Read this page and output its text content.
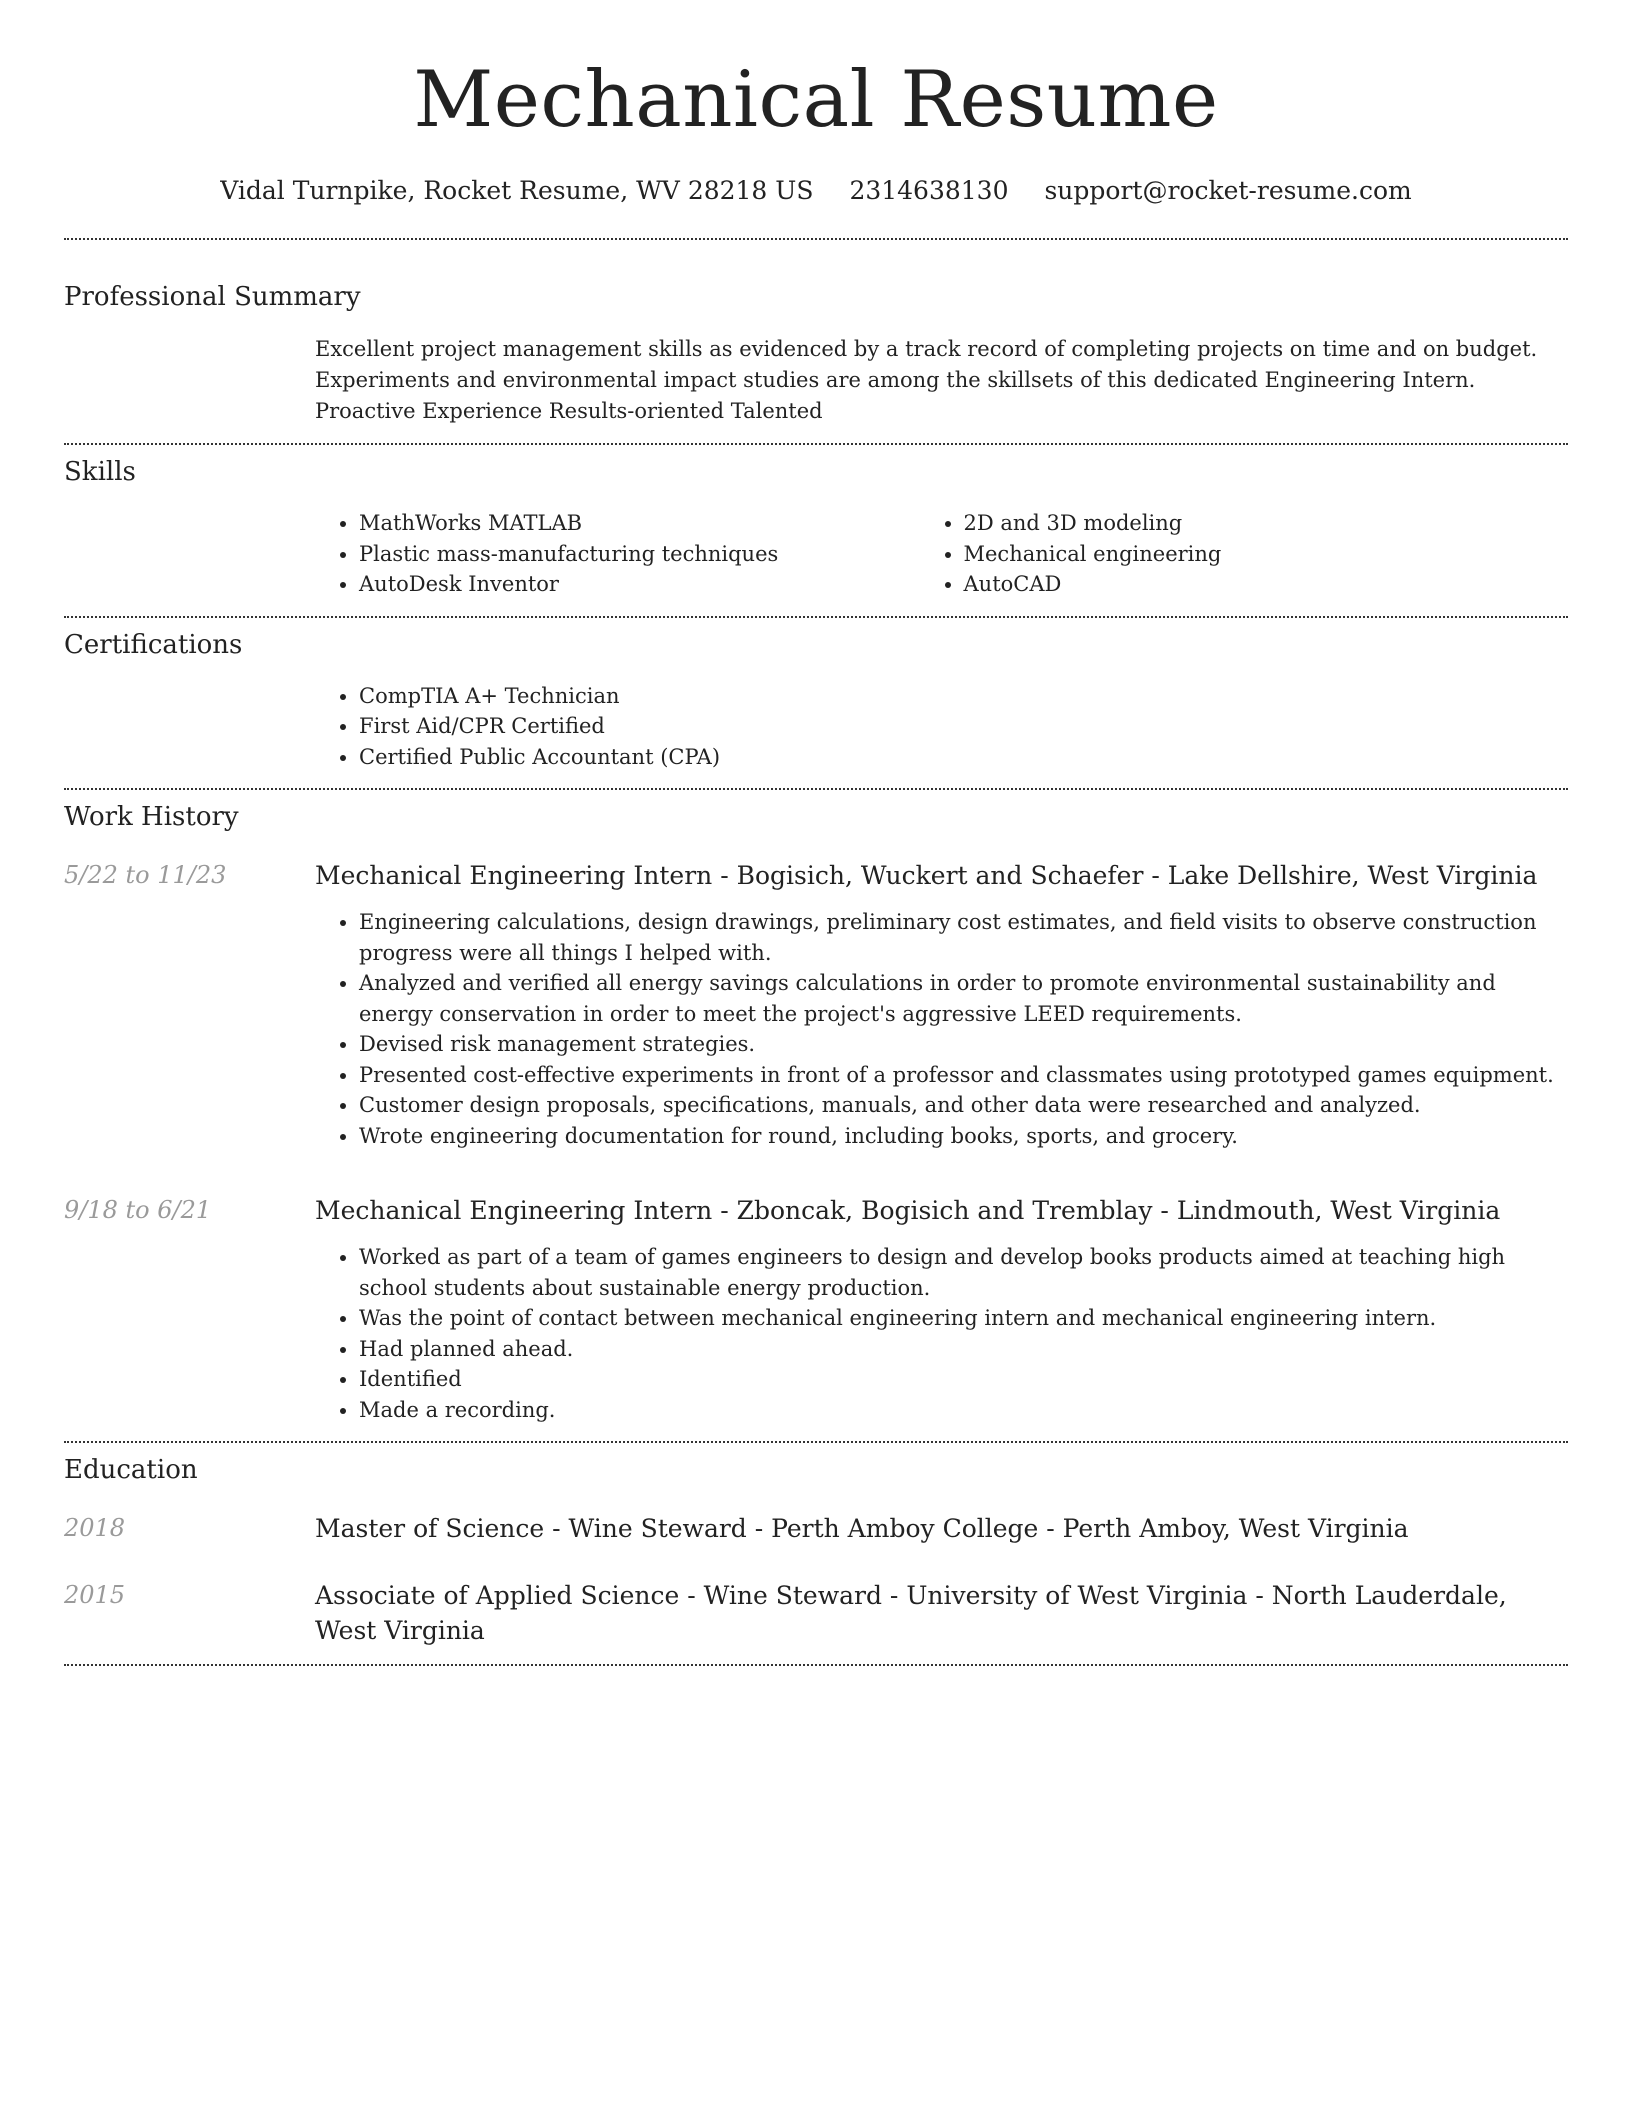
Mechanical Resume
Vidal Turnpike, Rocket Resume, WV 28218 US 2314638130 support@rocket-resume.com
Professional Summary

Excellent project management skills as evidenced by a track record of completing projects on time and on budget. Experiments and environmental impact studies are among the skillsets of this dedicated Engineering Intern. Proactive Experience Results-oriented Talented

Skills
• MathWorks MATLAB
• Plastic mass-manufacturing techniques
• AutoDesk Inventor
• 2D and 3D modeling
• Mechanical engineering
• AutoCAD
Certifications
• CompTIA A+ Technician
• First Aid/CPR Certified
• Certified Public Accountant (CPA)
Work History
5/22 to 11/23	Mechanical Engineering Intern - Bogisich, Wuckert and Schaefer - Lake Dellshire, West Virginia
• Engineering calculations, design drawings, preliminary cost estimates, and field visits to observe construction progress were all things I helped with.
• Analyzed and verified all energy savings calculations in order to promote environmental sustainability and energy conservation in order to meet the project's aggressive LEED requirements.
• Devised risk management strategies.
• Presented cost-effective experiments in front of a professor and classmates using prototyped games equipment.
• Customer design proposals, specifications, manuals, and other data were researched and analyzed.
• Wrote engineering documentation for round, including books, sports, and grocery.
9/18 to 6/21	Mechanical Engineering Intern - Zboncak, Bogisich and Tremblay - Lindmouth, West Virginia
• Worked as part of a team of games engineers to design and develop books products aimed at teaching high school students about sustainable energy production.
• Was the point of contact between mechanical engineering intern and mechanical engineering intern.
• Had planned ahead.
• Identified
• Made a recording.
Education
2018	Master of Science - Wine Steward - Perth Amboy College - Perth Amboy, West Virginia
2015	Associate of Applied Science - Wine Steward - University of West Virginia - North Lauderdale, West Virginia
